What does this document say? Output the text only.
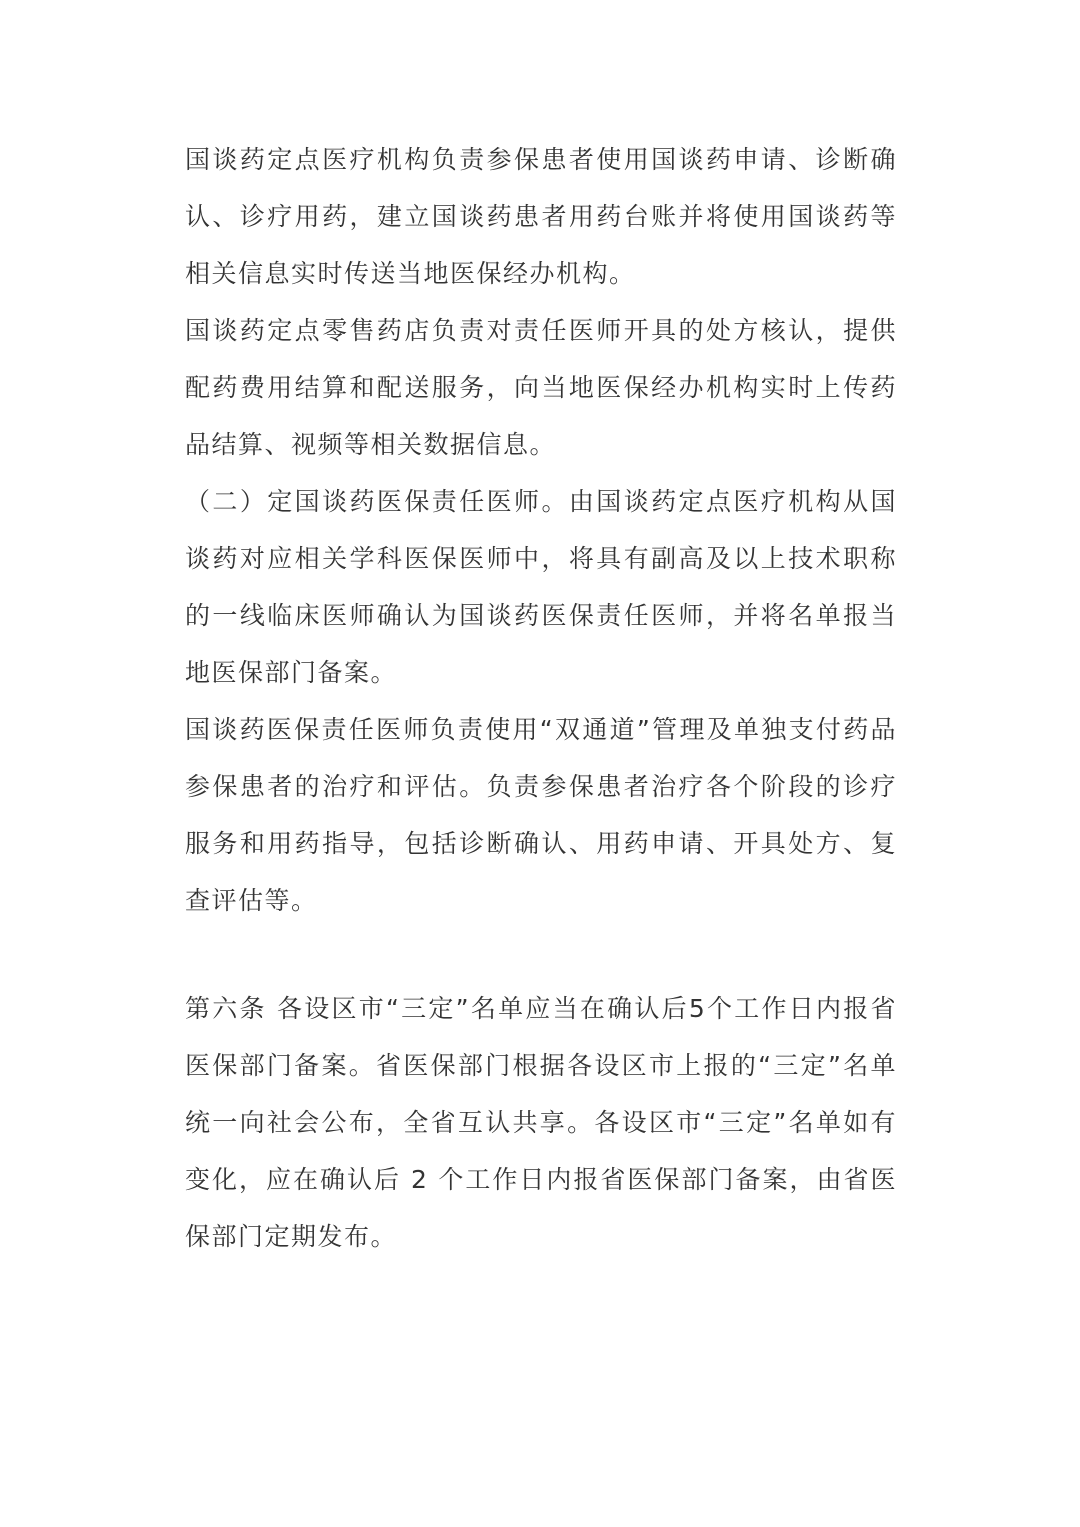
国谈药定点医疗机构负责参保患者使用国谈药申请、诊断确认、诊疗用药，建立国谈药患者用药台账并将使用国谈药等相关信息实时传送当地医保经办机构。

国谈药定点零售药店负责对责任医师开具的处方核认，提供配药费用结算和配送服务，向当地医保经办机构实时上传药品结算、视频等相关数据信息。

（二）定国谈药医保责任医师。由国谈药定点医疗机构从国谈药对应相关学科医保医师中，将具有副高及以上技术职称的一线临床医师确认为国谈药医保责任医师，并将名单报当地医保部门备案。

国谈药医保责任医师负责使用“双通道”管理及单独支付药品参保患者的治疗和评估。负责参保患者治疗各个阶段的诊疗服务和用药指导，包括诊断确认、用药申请、开具处方、复查评估等。

第六条 各设区市“三定”名单应当在确认后5个工作日内报省医保部门备案。省医保部门根据各设区市上报的“三定”名单统一向社会公布，全省互认共享。各设区市“三定”名单如有变化，应在确认后 2 个工作日内报省医保部门备案，由省医保部门定期发布。
